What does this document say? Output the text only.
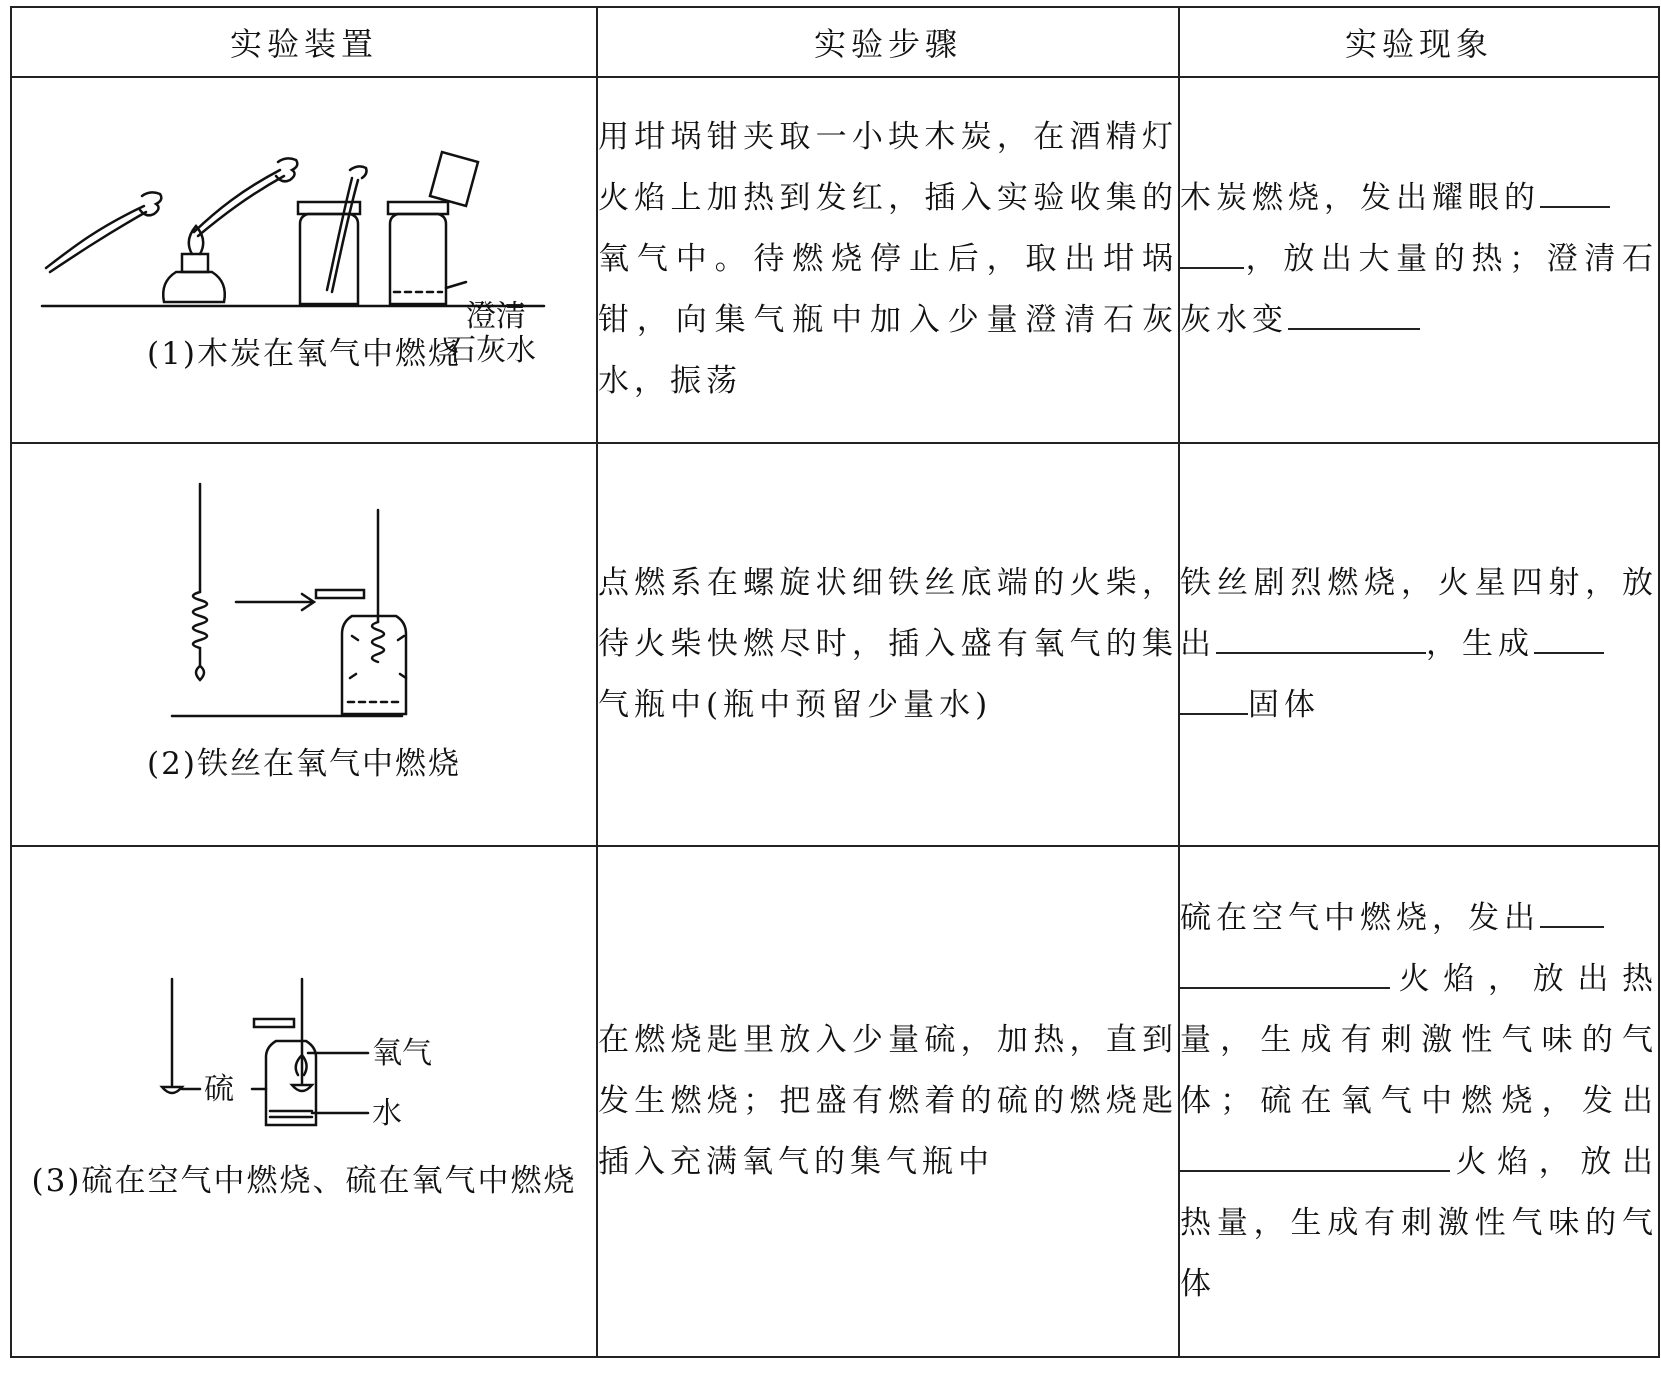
实验装置	实验步骤	实验现象

澄清
石灰水
(1)木炭在氧气中燃烧	用坩埚钳夹取一小块木炭，在酒精灯火焰上加热到发红，插入实验收集的氧气中。待燃烧停止后，取出坩埚钳，向集气瓶中加入少量澄清石灰水，振荡	木炭燃烧，发出耀眼的
，放出大量的热；澄清石灰水变

(2)铁丝在氧气中燃烧	点燃系在螺旋状细铁丝底端的火柴，待火柴快燃尽时，插入盛有氧气的集气瓶中(瓶中预留少量水)	铁丝剧烈燃烧，火星四射，放出 ，生成
固体

氧气
硫
水
(3)硫在空气中燃烧、硫在氧气中燃烧	在燃烧匙里放入少量硫，加热，直到发生燃烧；把盛有燃着的硫的燃烧匙插入充满氧气的集气瓶中	硫在空气中燃烧，发出
火焰，放出热量，生成有刺激性气味的气体；硫在氧气中燃烧，发出火焰，放出热量，生成有刺激性气味的气体
